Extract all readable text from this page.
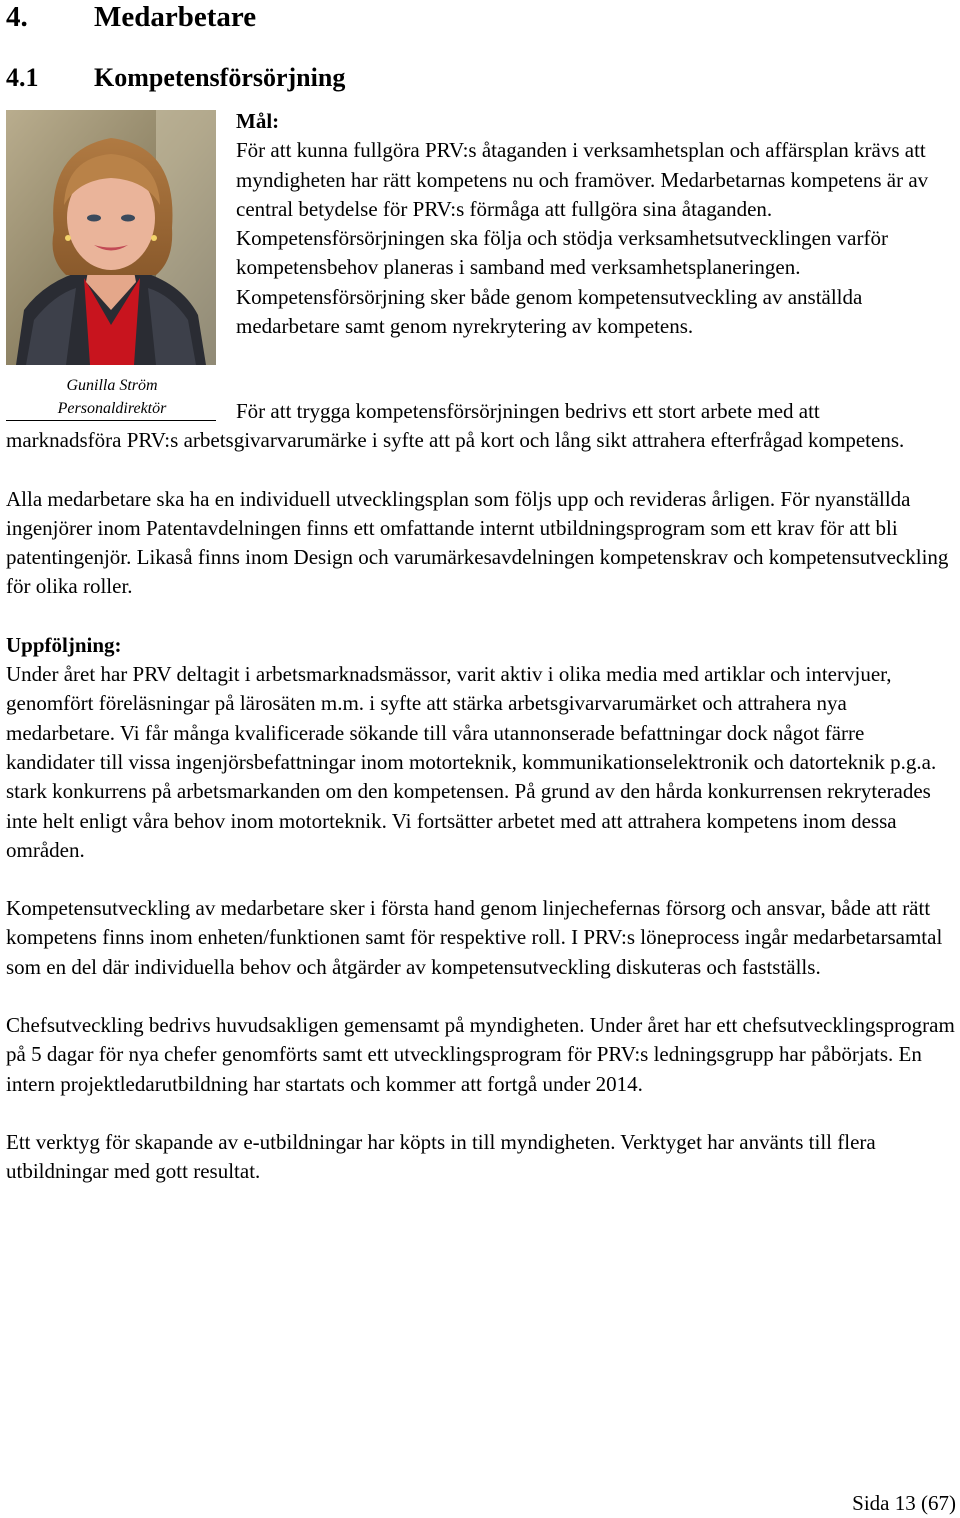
4. Medarbetare
4.1 Kompetensförsörjning
Gunilla Ström
Personaldirektör
Mål:
För att kunna fullgöra PRV:s åtaganden i verksamhetsplan och affärsplan krävs att myndigheten har rätt kompetens nu och framöver. Medarbetarnas kompetens är av central betydelse för PRV:s förmåga att fullgöra sina åtaganden. Kompetensförsörjningen ska följa och stödja verksamhetsutvecklingen varför kompetensbehov planeras i samband med verksamhetsplaneringen. Kompetensförsörjning sker både genom kompetensutveckling av anställda medarbetare samt genom nyrekrytering av kompetens.

För att trygga kompetensförsörjningen bedrivs ett stort arbete med att

marknadsföra PRV:s arbetsgivarvarumärke i syfte att på kort och lång sikt attrahera efterfrågad kompetens.

Alla medarbetare ska ha en individuell utvecklingsplan som följs upp och revideras årligen. För nyanställda ingenjörer inom Patentavdelningen finns ett omfattande internt utbildningsprogram som ett krav för att bli patentingenjör. Likaså finns inom Design och varumärkesavdelningen kompetenskrav och kompetensutveckling för olika roller.

Uppföljning:

Under året har PRV deltagit i arbetsmarknadsmässor, varit aktiv i olika media med artiklar och intervjuer, genomfört föreläsningar på lärosäten m.m. i syfte att stärka arbetsgivarvarumärket och attrahera nya medarbetare. Vi får många kvalificerade sökande till våra utannonserade befattningar dock något färre kandidater till vissa ingenjörsbefattningar inom motorteknik, kommunikationselektronik och datorteknik p.g.a. stark konkurrens på arbetsmarkanden om den kompetensen. På grund av den hårda konkurrensen rekryterades inte helt enligt våra behov inom motorteknik. Vi fortsätter arbetet med att attrahera kompetens inom dessa områden.

Kompetensutveckling av medarbetare sker i första hand genom linjechefernas försorg och ansvar, både att rätt kompetens finns inom enheten/funktionen samt för respektive roll. I PRV:s löneprocess ingår medarbetarsamtal som en del där individuella behov och åtgärder av kompetensutveckling diskuteras och fastställs.

Chefsutveckling bedrivs huvudsakligen gemensamt på myndigheten. Under året har ett chefsutvecklingsprogram på 5 dagar för nya chefer genomförts samt ett utvecklingsprogram för PRV:s ledningsgrupp har påbörjats. En intern projektledarutbildning har startats och kommer att fortgå under 2014.

Ett verktyg för skapande av e-utbildningar har köpts in till myndigheten. Verktyget har använts till flera utbildningar med gott resultat.

Sida 13 (67)
